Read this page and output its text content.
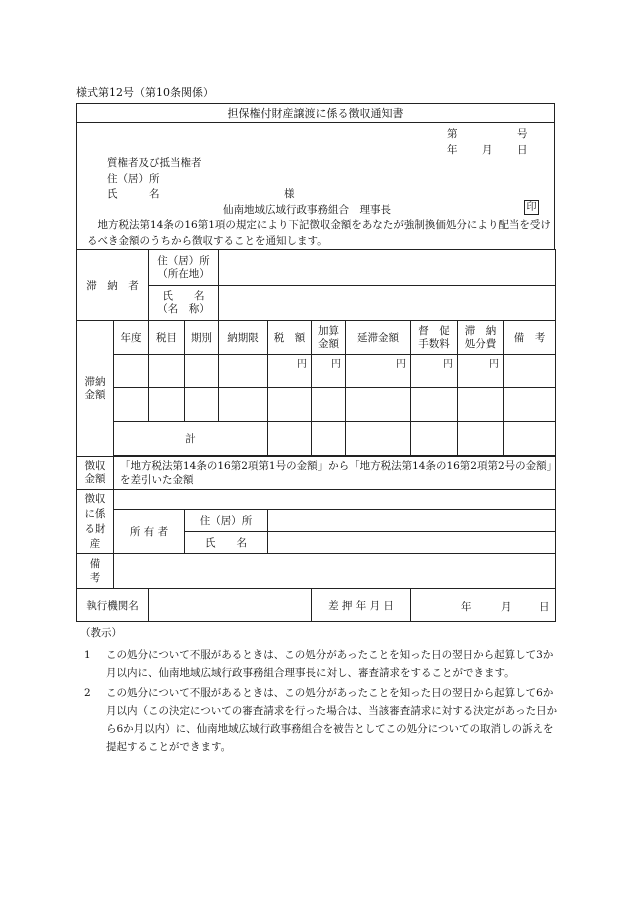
様式第12号（第10条関係）
担保権付財産譲渡に係る徴収通知書
第	号
年 月 日
質権者及び抵当権者
住（居）所
氏　　　名	様
仙南地域広域行政事務組合　理事長	印
 地方税法第14条の16第1項の規定により下記徴収金額をあなたが強制換価処分により配当を受けるべき金額のうちから徴収することを通知します。
滞　納　者		住（居）所
（所在地）								

		氏　　名
（名　称）								

滞納金額	年度	税目	期別	納期限	税　額	加算金額	延滞金額	督　促手数料	滞　納処分費	備　考
					円	円	円	円	円	

	計									

徴収金額	「地方税法第14条の16第2項第1号の金額」から「地方税法第14条の16第2項第2号の金額」を差引いた金額									
徴収に係る財産										
	所 有 者		住（居）所							
			氏　　名							
備考										
執行機関名						差 押 年 月 日		年 月 日		
（教示）
1	この処分について不服があるときは、この処分があったことを知った日の翌日から起算して3か月以内に、仙南地域広域行政事務組合理事長に対し、審査請求をすることができます。
2	この処分について不服があるときは、この処分があったことを知った日の翌日から起算して6か月以内（この決定についての審査請求を行った場合は、当該審査請求に対する決定があった日から6か月以内）に、仙南地域広域行政事務組合を被告としてこの処分についての取消しの訴えを提起することができます。
